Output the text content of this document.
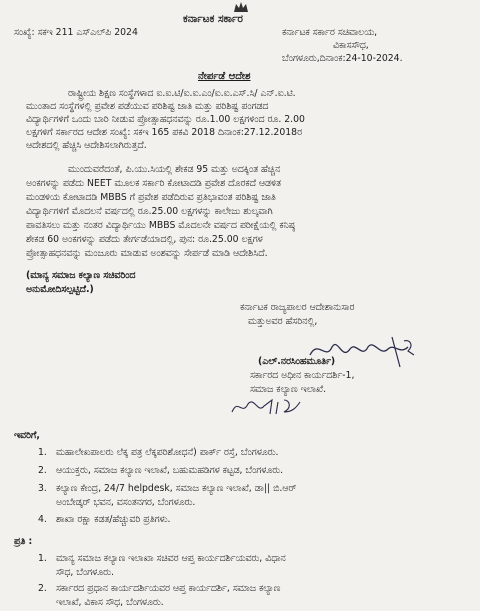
ಕರ್ನಾಟಕ ಸರ್ಕಾರ
ಸಂಖ್ಯೆ: ಸಕಇ 211 ಎಸ್‌ಎಲ್‌ಪಿ 2024	ಕರ್ನಾಟಕ ಸರ್ಕಾರ ಸಚಿವಾಲಯ,
ವಿಕಾಸಸೌಧ,
ಬೆಂಗಳೂರು,ದಿನಾಂಕ:24-10-2024.
ನೇರ್ಪಡೆ ಆದೇಶ
ರಾಷ್ಟ್ರೀಯ ಶಿಕ್ಷಣ ಸಂಸ್ಥೆಗಳಾದ ಐ.ಐ.ಟಿ/ಐ.ಐ.ಎಂ/ಐ.ಐ.ಎಸ್.ಸಿ/ ಎನ್.ಐ.ಟಿ.
ಮುಂತಾದ ಸಂಸ್ಥೆಗಳಲ್ಲಿ ಪ್ರವೇಶ ಪಡೆಯುವ ಪರಿಶಿಷ್ಟ ಜಾತಿ ಮತ್ತು ಪರಿಶಿಷ್ಟ ಪಂಗಡದ
ವಿದ್ಯಾರ್ಥಿಗಳಿಗೆ ಒಂದು ಬಾರಿ ನೀಡುವ ಪ್ರೋತ್ಸಾಹಧನವನ್ನು ರೂ.1.00 ಲಕ್ಷಗಳಿಂದ ರೂ. 2.00
ಲಕ್ಷಗಳಿಗೆ ಸರ್ಕಾರದ ಆದೇಶ ಸಂಖ್ಯೆ: ಸಕಇ 165 ಪಕವಿ 2018 ದಿನಾಂಕ:27.12.2018ರ
ಆದೇಶದಲ್ಲಿ ಹೆಚ್ಚಿಸಿ ಆದೇಶಿಸಲಾಗಿರುತ್ತದೆ.
ಮುಂದುವರೆದಂತೆ, ಪಿ.ಯು.ಸಿಯಲ್ಲಿ ಶೇಕಡ 95 ಮತ್ತು ಅದಕ್ಕಿಂತ ಹೆಚ್ಚಿನ
ಅಂಕಗಳನ್ನು ಪಡೆದು NEET ಮೂಲಕ ಸರ್ಕಾರಿ ಕೋಟಾದಡಿ ಪ್ರವೇಶ ದೊರಕದೆ ಆಡಳಿತ
ಮಂಡಳಿಯ ಕೋಟಾದಡಿ MBBS ಗೆ ಪ್ರವೇಶ ಪಡೆದಿರುವ ಪ್ರತಿಭಾವಂತ ಪರಿಶಿಷ್ಟ ಜಾತಿ
ವಿದ್ಯಾರ್ಥಿಗಳಿಗೆ ಮೊದಲನೆ ವರ್ಷದಲ್ಲಿ ರೂ.25.00 ಲಕ್ಷಗಳನ್ನು ಕಾಲೇಜು ಶುಲ್ಕವಾಗಿ
ಪಾವತಿಸಲು ಮತ್ತು ನಂತರ ವಿದ್ಯಾರ್ಥಿಯು MBBS ಮೊದಲನೇ ವರ್ಷದ ಪರೀಕ್ಷೆಯಲ್ಲಿ ಕನಿಷ್ಠ
ಶೇಕಡ 60 ಅಂಕಗಳನ್ನು ಪಡೆದು ತೇರ್ಗಡೆಯಾದಲ್ಲಿ, ಪುನ: ರೂ.25.00 ಲಕ್ಷಗಳ
ಪ್ರೋತ್ಸಾಹಧನವನ್ನು ಮಂಜೂರು ಮಾಡುವ ಅಂಶವನ್ನು ಸೇರ್ಪಡೆ ಮಾಡಿ ಆದೇಶಿಸಿದೆ.
(ಮಾನ್ಯ ಸಮಾಜ ಕಲ್ಯಾಣ ಸಚಿವರಿಂದ
ಅನುಮೋದಿಸಲ್ಪಟ್ಟಿದೆ.)
ಕರ್ನಾಟಕ ರಾಜ್ಯಪಾಲರ ಆದೇಶಾನುಸಾರ
ಮತ್ತುಅವರ ಹೆಸರಿನಲ್ಲಿ,
(ಎಲ್.ನರಸಿಂಹಮೂರ್ತಿ)
ಸರ್ಕಾರದ ಅಧೀನ ಕಾರ್ಯದರ್ಶಿ-1,
ಸಮಾಜ ಕಲ್ಯಾಣ ಇಲಾಖೆ.
ಇವರಿಗೆ,
1. ಮಹಾಲೇಖಪಾಲರು ಲೆಕ್ಕ ಪತ್ರ ಲೆಕ್ಕಪರಿಶೋಧನೆ) ಪಾರ್ಕ್ ರಸ್ತೆ, ಬೆಂಗಳೂರು.
2. ಆಯುಕ್ತರು, ಸಮಾಜ ಕಲ್ಯಾಣ ಇಲಾಖೆ, ಬಹುಮಹಡಿಗಳ ಕಟ್ಟಡ, ಬೆಂಗಳೂರು.
3. ಕಲ್ಯಾಣ ಕೇಂದ್ರ, 24/7 helpdesk, ಸಮಾಜ ಕಲ್ಯಾಣ ಇಲಾಖೆ, ಡಾ|| ಬಿ.ಆರ್
ಅಂಬೇಡ್ಕರ್ ಭವನ, ವಸಂತನಗರ, ಬೆಂಗಳೂರು.
4. ಶಾಖಾ ರಕ್ಷಾ ಕಡತ/ಹೆಚ್ಚುವರಿ ಪ್ರತಿಗಳು.
ಪ್ರತಿ :
1. ಮಾನ್ಯ ಸಮಾಜ ಕಲ್ಯಾಣ ಇಲಾಖಾ ಸಚಿವರ ಆಪ್ತ ಕಾರ್ಯದರ್ಶಿಯವರು, ವಿಧಾನ
ಸೌಧ, ಬೆಂಗಳೂರು.
2. ಸರ್ಕಾರದ ಪ್ರಧಾನ ಕಾರ್ಯದರ್ಶಿಯವರ ಆಪ್ತ ಕಾರ್ಯದರ್ಶಿ, ಸಮಾಜ ಕಲ್ಯಾಣ
ಇಲಾಖೆ, ವಿಕಾಸ ಸೌಧ, ಬೆಂಗಳೂರು.
